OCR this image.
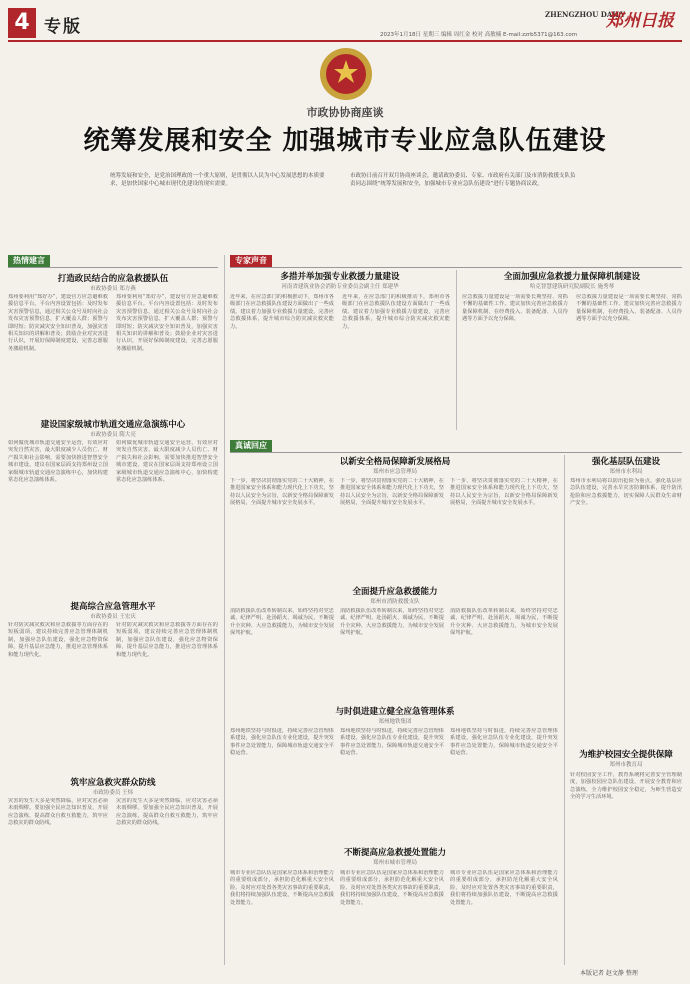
4 专版
ZHENGZHOU DAILY
郑州日报
2023年1月18日 星期三 编辑 周红金 校对 高敏楠 E-mail:zzrb5371@163.com
市政协协商座谈
统筹发展和安全 加强城市专业应急队伍建设
统筹发展和安全，是党治国理政的一个重大原则，是贯彻以人民为中心发展思想的本质要求，是加快国家中心城市现代化建设的现实需要。
市政协日前召开双月协商座谈会，邀请政协委员、专家、市政府有关部门及市消防救援支队负责同志围绕“统筹发展和安全，加强城市专业应急队伍建设”进行专题协商议政。
热情建言
打造政民结合的应急救援队伍
市政协委员 郑方燕
郑州要利用“郑好办”，建设官方应急避难救援信息平台。平台内容设置包括：及时发布灾害预警信息，通过相关公众号及时向社会发布灾害预警信息，扩大覆盖人群；预警与即时短；防灾减灾安全知识普及，加强灾害相关知识的讲解和普及；鼓励企业对灾害进行认识，开展好保障制度建设，完善志愿服务激励机制。
郑州要利用“郑好办”，建设官方应急避难救援信息平台。平台内容设置包括：及时发布灾害预警信息，通过相关公众号及时向社会发布灾害预警信息，扩大覆盖人群；预警与即时短；防灾减灾安全知识普及，加强灾害相关知识的讲解和普及；鼓励企业对灾害进行认识，开展好保障制度建设，完善志愿服务激励机制。
建设国家级城市轨道交通应急演练中心
市政协委员 隋大亮
如何做优城市轨道交通安全运营，有效应对突发自然灾害，最大限度减少人员伤亡、财产损失和社会影响，需要加快推进智慧安全城市建设。建议在国家层面支持郑州设立国家级城市轨道交通应急演练中心，加快构建常态化应急演练体系。
如何做优城市轨道交通安全运营，有效应对突发自然灾害，最大限度减少人员伤亡、财产损失和社会影响，需要加快推进智慧安全城市建设。建议在国家层面支持郑州设立国家级城市轨道交通应急演练中心，加快构建常态化应急演练体系。
提高综合应急管理水平
市政协委员 王宏庆
针对防灾减灾救灾和应急救援等方面存在的短板弱项，建议持续完善应急管理体制机制，加强应急队伍建设，强化应急物资保障，提升基层应急能力，推进应急管理体系和能力现代化。
针对防灾减灾救灾和应急救援等方面存在的短板弱项，建议持续完善应急管理体制机制，加强应急队伍建设，强化应急物资保障，提升基层应急能力，推进应急管理体系和能力现代化。
筑牢应急救灾群众防线
市政协委员 王炜
灾害的发生大多是突然降临，应对灾害必须未雨绸缪。要加强全民应急知识普及，开展应急演练，提高群众自救互救能力，筑牢应急救灾的群众防线。
灾害的发生大多是突然降临，应对灾害必须未雨绸缪。要加强全民应急知识普及，开展应急演练，提高群众自救互救能力，筑牢应急救灾的群众防线。
专家声音
多措并举加强专业救援力量建设
河南省建筑业协会消防专业委员会副主任 郑建华
近年来，在应急部门的积极推动下，郑州市各级部门在应急救援队伍建设方面做出了一些成绩。建议着力加强专业救援力量建设，完善应急救援体系，提升城市综合防灾减灾救灾能力。
近年来，在应急部门的积极推动下，郑州市各级部门在应急救援队伍建设方面做出了一些成绩。建议着力加强专业救援力量建设，完善应急救援体系，提升城市综合防灾减灾救灾能力。
全面加强应急救援力量保障机制建设
哈克智慧建筑研究院副院长 施秀琴
应急救援力量建设是一项需要长期坚持、常抓不懈的基础性工作。建议加快完善应急救援力量保障机制，在经费投入、装备配备、人员待遇等方面予以充分保障。
应急救援力量建设是一项需要长期坚持、常抓不懈的基础性工作。建议加快完善应急救援力量保障机制，在经费投入、装备配备、人员待遇等方面予以充分保障。
真诚回应
以新安全格局保障新发展格局
郑州市应急管理局
下一步，将坚决贯彻落实党的二十大精神，在推进国家安全体系和能力现代化上下功夫，坚持以人民安全为宗旨，以新安全格局保障新发展格局，全面提升城市安全发展水平。
下一步，将坚决贯彻落实党的二十大精神，在推进国家安全体系和能力现代化上下功夫，坚持以人民安全为宗旨，以新安全格局保障新发展格局，全面提升城市安全发展水平。
下一步，将坚决贯彻落实党的二十大精神，在推进国家安全体系和能力现代化上下功夫，坚持以人民安全为宗旨，以新安全格局保障新发展格局，全面提升城市安全发展水平。
全面提升应急救援能力
郑州市消防救援支队
消防救援队伍改革转制以来，始终坚持对党忠诚、纪律严明、赴汤蹈火、竭诚为民，不断提升全灾种、大应急救援能力，为城市安全发展保驾护航。
消防救援队伍改革转制以来，始终坚持对党忠诚、纪律严明、赴汤蹈火、竭诚为民，不断提升全灾种、大应急救援能力，为城市安全发展保驾护航。
消防救援队伍改革转制以来，始终坚持对党忠诚、纪律严明、赴汤蹈火、竭诚为民，不断提升全灾种、大应急救援能力，为城市安全发展保驾护航。
与时俱进建立健全应急管理体系
郑州地铁集团
郑州地铁坚持与时俱进，持续完善应急管理体系建设，强化应急队伍专业化建设，提升突发事件应急处置能力，保障城市轨道交通安全平稳运营。
郑州地铁坚持与时俱进，持续完善应急管理体系建设，强化应急队伍专业化建设，提升突发事件应急处置能力，保障城市轨道交通安全平稳运营。
郑州地铁坚持与时俱进，持续完善应急管理体系建设，强化应急队伍专业化建设，提升突发事件应急处置能力，保障城市轨道交通安全平稳运营。
不断提高应急救援处置能力
郑州市城市管理局
城市专业应急队伍是国家应急体系和治理能力的重要组成部分，承担防范化解重大安全风险、及时应对处置各类灾害事故的重要职责，我们将持续加强队伍建设，不断提高应急救援处置能力。
城市专业应急队伍是国家应急体系和治理能力的重要组成部分，承担防范化解重大安全风险、及时应对处置各类灾害事故的重要职责，我们将持续加强队伍建设，不断提高应急救援处置能力。
城市专业应急队伍是国家应急体系和治理能力的重要组成部分，承担防范化解重大安全风险、及时应对处置各类灾害事故的重要职责，我们将持续加强队伍建设，不断提高应急救援处置能力。
强化基层队伍建设
郑州市水利局
郑州市水利局将以防汛抢险为重点，强化基层应急队伍建设，完善水旱灾害防御体系，提升防汛抢险和应急救援能力，切实保障人民群众生命财产安全。
为维护校园安全提供保障
郑州市教育局
针对校园安全工作，教育系统将完善安全管理制度，加强校园应急队伍建设，开展安全教育和应急演练，全力维护校园安全稳定，为师生营造安全的学习生活环境。
本版记者 赵文静 整理
